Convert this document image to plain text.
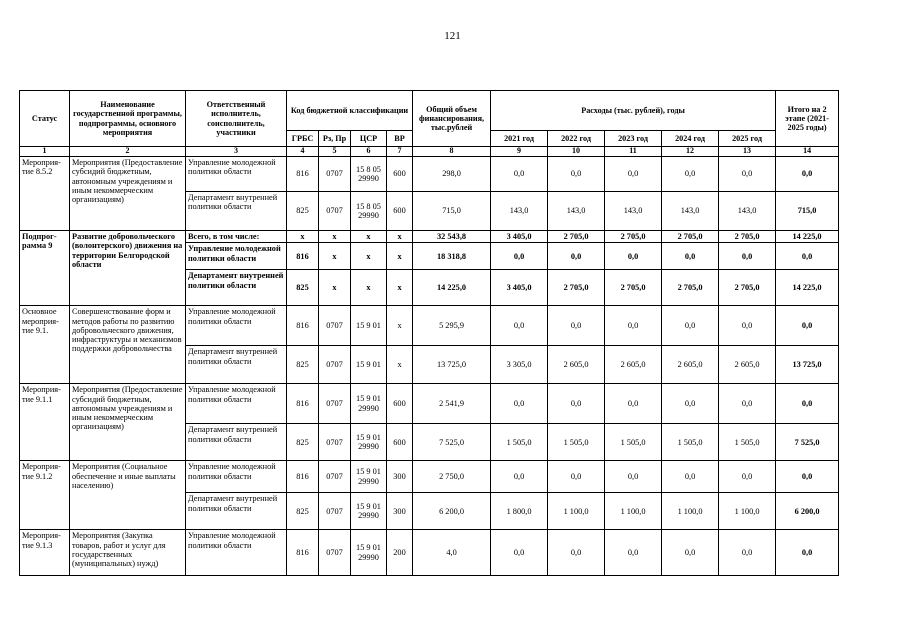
121
Статус	Наименование государственной программы, подпрограммы, основного мероприятия	Ответственный исполнитель, соисполнитель, участники	Код бюджетной классификации				Общий объем финансирования, тыс.рублей	Расходы (тыс. рублей), годы					Итого на 2 этапе (2021-2025 годы)
			ГРБС	Рз, Пр	ЦСР	ВР		2021 год	2022 год	2023 год	2024 год	2025 год	
1	2	3	4	5	6	7	8	9	10	11	12	13	14
Мероприя-тие 8.5.2	Мероприятия (Предоставление субсидий бюджетным, автономным учреждениям и иным некоммерческим организациям)	Управление молодежной политики области	816	0707	15 8 05 29990	600	298,0	0,0	0,0	0,0	0,0	0,0	0,0
		Департамент внутренней политики области	825	0707	15 8 05 29990	600	715,0	143,0	143,0	143,0	143,0	143,0	715,0
Подпрог-рамма 9	Развитие добровольческого (волонтерского) движения на территории Белгородской области	Всего, в том числе:	х	х	х	х	32 543,8	3 405,0	2 705,0	2 705,0	2 705,0	2 705,0	14 225,0
		Управление молодежной политики области	816	х	х	х	18 318,8	0,0	0,0	0,0	0,0	0,0	0,0
		Департамент внутренней политики области	825	х	х	х	14 225,0	3 405,0	2 705,0	2 705,0	2 705,0	2 705,0	14 225,0
Основное мероприя-тие 9.1.	Совершенствование форм и методов работы по развитию добровольческого движения, инфраструктуры и механизмов поддержки добровольчества	Управление молодежной политики области	816	0707	15 9 01	х	5 295,9	0,0	0,0	0,0	0,0	0,0	0,0
		Департамент внутренней политики области	825	0707	15 9 01	х	13 725,0	3 305,0	2 605,0	2 605,0	2 605,0	2 605,0	13 725,0
Мероприя-тие 9.1.1	Мероприятия (Предоставление субсидий бюджетным, автономным учреждениям и иным некоммерческим организациям)	Управление молодежной политики области	816	0707	15 9 01 29990	600	2 541,9	0,0	0,0	0,0	0,0	0,0	0,0
		Департамент внутренней политики области	825	0707	15 9 01 29990	600	7 525,0	1 505,0	1 505,0	1 505,0	1 505,0	1 505,0	7 525,0
Мероприя-тие 9.1.2	Мероприятия (Социальное обеспечение и иные выплаты населению)	Управление молодежной политики области	816	0707	15 9 01 29990	300	2 750,0	0,0	0,0	0,0	0,0	0,0	0,0
		Департамент внутренней политики области	825	0707	15 9 01 29990	300	6 200,0	1 800,0	1 100,0	1 100,0	1 100,0	1 100,0	6 200,0
Мероприя-тие 9.1.3	Мероприятия (Закупка товаров, работ и услуг для государственных (муниципальных) нужд)	Управление молодежной политики области	816	0707	15 9 01 29990	200	4,0	0,0	0,0	0,0	0,0	0,0	0,0
